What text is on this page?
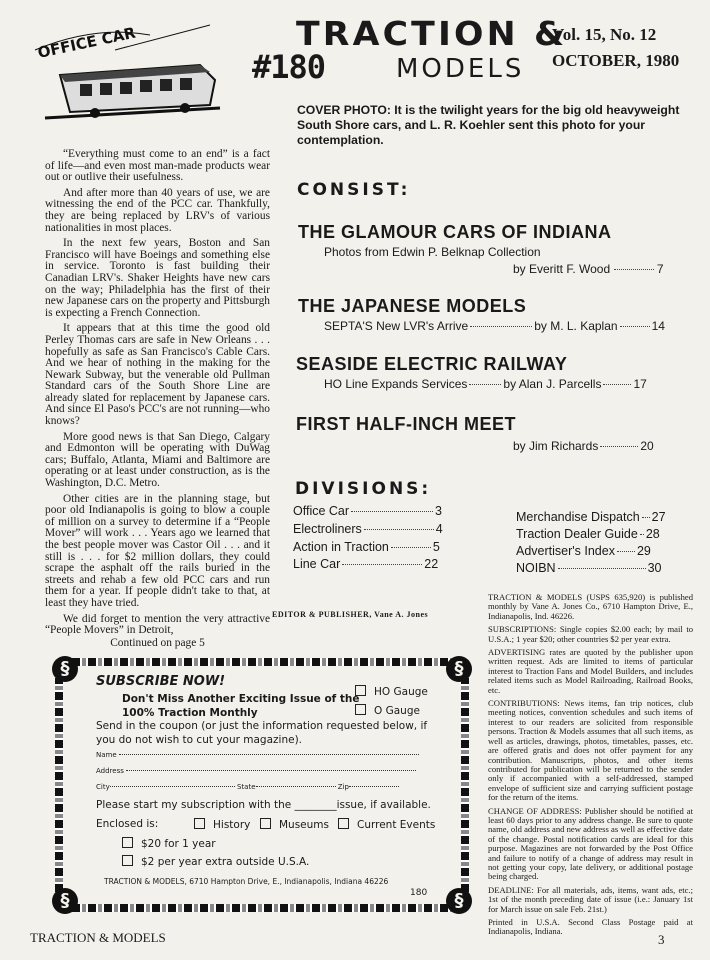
OFFICE CAR	TRACTION &
#180	MODELS
Vol. 15, No. 12
OCTOBER, 1980

“Everything must come to an end” is a fact of life—and even most man-made products wear out or outlive their usefulness.

And after more than 40 years of use, we are witnessing the end of the PCC car. Thankfully, they are being replaced by LRV's of various nationalities in most places.

In the next few years, Boston and San Francisco will have Boeings and something else in service. Toronto is fast building their Canadian LRV's. Shaker Heights have new cars on the way; Philadelphia has the first of their new Japanese cars on the property and Pittsburgh is expecting a French Connection.

It appears that at this time the good old Perley Thomas cars are safe in New Orleans . . . hopefully as safe as San Francisco's Cable Cars. And we hear of nothing in the making for the Newark Subway, but the venerable old Pullman Standard cars of the South Shore Line are already slated for replacement by Japanese cars. And since El Paso's PCC's are not running—who knows?

More good news is that San Diego, Calgary and Edmonton will be operating with DuWag cars; Buffalo, Atlanta, Miami and Baltimore are operating or at least under construction, as is the Washington, D.C. Metro.

Other cities are in the planning stage, but poor old Indianapolis is going to blow a couple of million on a survey to determine if a “People Mover” will work . . . Years ago we learned that the best people mover was Castor Oil . . . and it still is . . . for $2 million dollars, they could scrape the asphalt off the rails buried in the streets and rehab a few old PCC cars and run them for a year. If people didn't take to that, at least they have tried.

We did forget to mention the very attractive “People Movers” in Detroit,

Continued on page 5

COVER PHOTO: It is the twilight years for the big old heavyweight South Shore cars, and L. R. Koehler sent this photo for your contemplation.
CONSIST:
THE GLAMOUR CARS OF INDIANA
Photos from Edwin P. Belknap Collection
by Everitt F. Wood	7
THE JAPANESE MODELS
SEPTA'S New LVR's Arrive	by M. L. Kaplan	14
SEASIDE ELECTRIC RAILWAY
HO Line Expands Services	by Alan J. Parcells	17
FIRST HALF-INCH MEET
by Jim Richards	20
DIVISIONS:
Office Car	3
Electroliners	4
Action in Traction	5
Line Car	22
Merchandise Dispatch 27
Traction Dealer Guide 28
Advertiser's Index 29
NOIBN	30
EDITOR & PUBLISHER, Vane A. Jones

TRACTION & MODELS (USPS 635,920) is published monthly by Vane A. Jones Co., 6710 Hampton Drive, E., Indianapolis, Ind. 46226.

SUBSCRIPTIONS: Single copies $2.00 each; by mail to U.S.A.; 1 year $20; other countries $2 per year extra.

ADVERTISING rates are quoted by the publisher upon written request. Ads are limited to items of particular interest to Traction Fans and Model Builders, and includes related items such as Model Railroading, Railroad Books, etc.

CONTRIBUTIONS: News items, fan trip notices, club meeting notices, convention schedules and such items of interest to our readers are solicited from responsible persons. Traction & Models assumes that all such items, as well as articles, drawings, photos, timetables, passes, etc. are offered gratis and does not offer payment for any contribution. Manuscripts, photos, and other items contributed for publication will be returned to the sender only if accompanied with a self-addressed, stamped envelope of sufficient size and carrying sufficient postage for the return of the items.

CHANGE OF ADDRESS: Publisher should be notified at least 60 days prior to any address change. Be sure to quote name, old address and new address as well as effective date of the change. Postal notification cards are ideal for this purpose. Magazines are not forwarded by the Post Office and failure to notify of a change of address may result in not getting your copy, late delivery, or additional postage being charged.

DEADLINE: For all materials, ads, items, want ads, etc.; 1st of the month preceding date of issue (i.e.: January 1st for March issue on sale Feb. 21st.)

Printed in U.S.A. Second Class Postage paid at Indianapolis, Indiana.

§	§
§	§
SUBSCRIBE NOW!
Don't Miss Another Exciting Issue of the
100% Traction Monthly
HO Gauge
O Gauge
Send in the coupon (or just the information requested below, if you do not wish to cut your magazine).
Name
Address
City	State	Zip
Please start my subscription with the ________issue, if available.
Enclosed is:	History	Museums	Current Events
$20 for 1 year
$2 per year extra outside U.S.A.
TRACTION & MODELS, 6710 Hampton Drive, E., Indianapolis, Indiana 46226
180
TRACTION & MODELS	3
